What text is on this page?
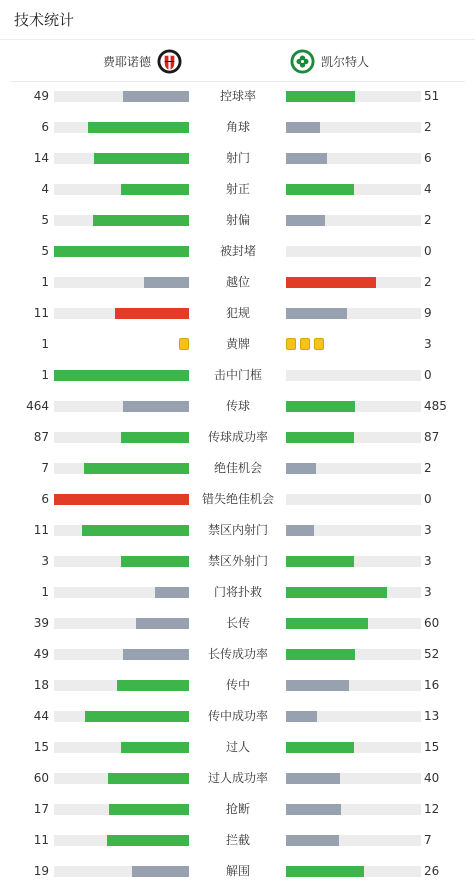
技术统计
费耶诺德	凯尔特人
49	控球率	51
6	角球	2
14	射门	6
4	射正	4
5	射偏	2
5	被封堵	0
1	越位	2
11	犯规	9
1	黄牌	3
1	击中门框	0
464	传球	485
87	传球成功率	87
7	绝佳机会	2
6	错失绝佳机会	0
11	禁区内射门	3
3	禁区外射门	3
1	门将扑救	3
39	长传	60
49	长传成功率	52
18	传中	16
44	传中成功率	13
15	过人	15
60	过人成功率	40
17	抢断	12
11	拦截	7
19	解围	26
